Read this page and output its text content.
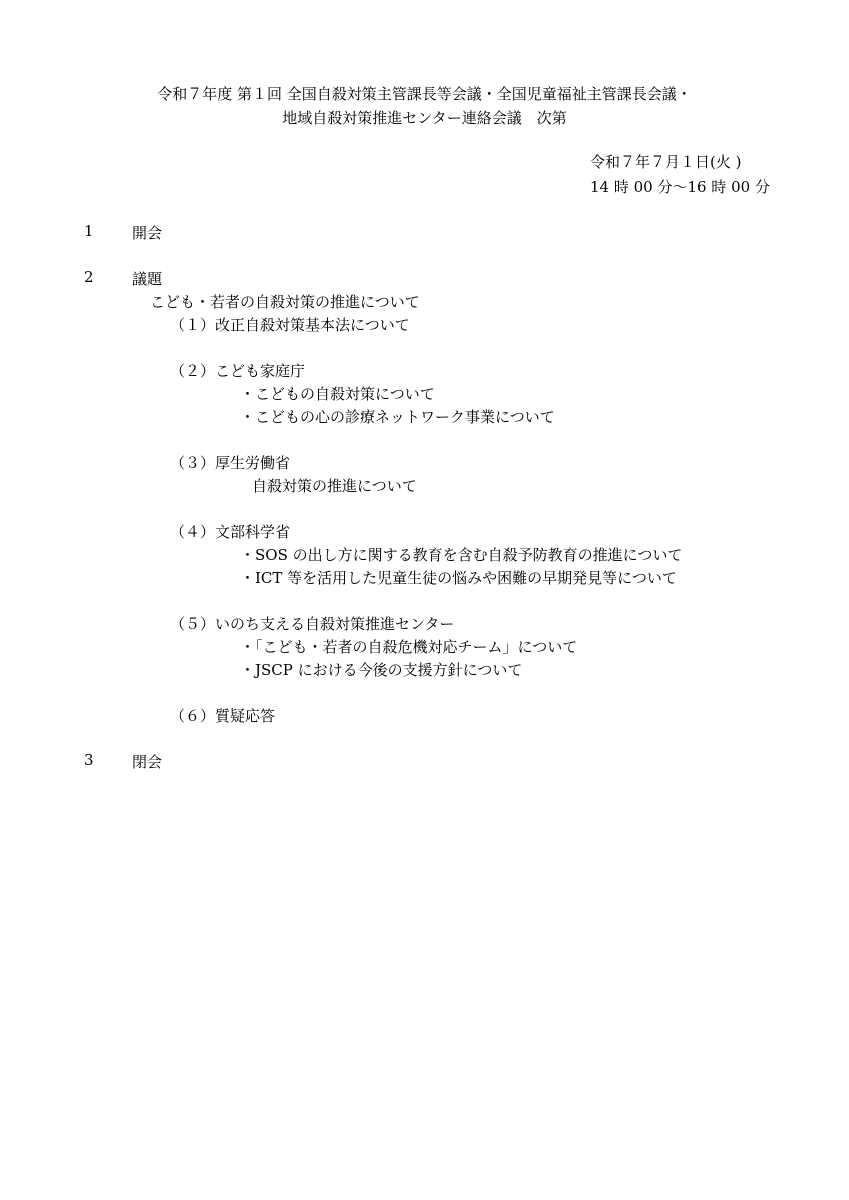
令和７年度 第１回 全国自殺対策主管課長等会議・全国児童福祉主管課長会議・
地域自殺対策推進センター連絡会議　次第
令和７年７月１日(火 )
14 時 00 分～16 時 00 分
1	開会
2	議題
こども・若者の自殺対策の推進について
（１）改正自殺対策基本法について
（２）こども家庭庁
・こどもの自殺対策について
・こどもの心の診療ネットワーク事業について
（３）厚生労働省
自殺対策の推進について
（４）文部科学省
・SOS の出し方に関する教育を含む自殺予防教育の推進について
・ICT 等を活用した児童生徒の悩みや困難の早期発見等について
（５）いのち支える自殺対策推進センター
・「こども・若者の自殺危機対応チーム」について
・JSCP における今後の支援方針について
（６）質疑応答
3	閉会
